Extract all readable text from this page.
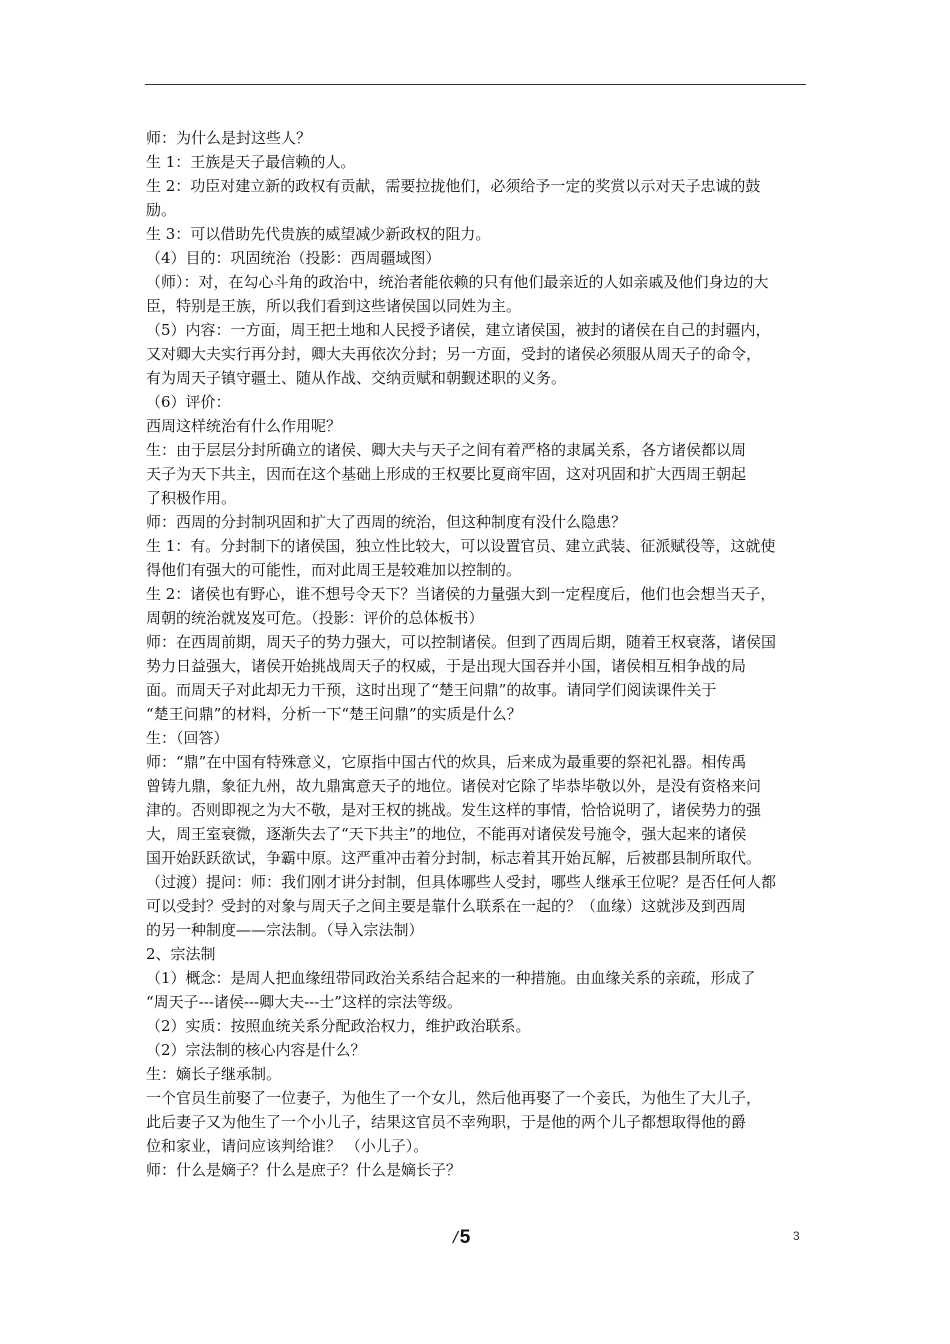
师：为什么是封这些人？
生 1：王族是天子最信赖的人。
生 2：功臣对建立新的政权有贡献，需要拉拢他们，必须给予一定的奖赏以示对天子忠诚的鼓
励。
生 3：可以借助先代贵族的威望减少新政权的阻力。
（4）目的：巩固统治（投影：西周疆域图）
（师）：对，在勾心斗角的政治中，统治者能依赖的只有他们最亲近的人如亲戚及他们身边的大
臣，特别是王族，所以我们看到这些诸侯国以同姓为主。
（5）内容：一方面，周王把土地和人民授予诸侯，建立诸侯国，被封的诸侯在自己的封疆内，
又对卿大夫实行再分封，卿大夫再依次分封；另一方面，受封的诸侯必须服从周天子的命令，
有为周天子镇守疆土、随从作战、交纳贡赋和朝觐述职的义务。
（6）评价：
西周这样统治有什么作用呢？
生：由于层层分封所确立的诸侯、卿大夫与天子之间有着严格的隶属关系，各方诸侯都以周
天子为天下共主，因而在这个基础上形成的王权要比夏商牢固，这对巩固和扩大西周王朝起
了积极作用。
师：西周的分封制巩固和扩大了西周的统治，但这种制度有没什么隐患？
生 1：有。分封制下的诸侯国，独立性比较大，可以设置官员、建立武装、征派赋役等，这就使
得他们有强大的可能性，而对此周王是较难加以控制的。
生 2：诸侯也有野心，谁不想号令天下？当诸侯的力量强大到一定程度后，他们也会想当天子，
周朝的统治就岌岌可危。（投影：评价的总体板书）
师：在西周前期，周天子的势力强大，可以控制诸侯。但到了西周后期，随着王权衰落，诸侯国
势力日益强大，诸侯开始挑战周天子的权威，于是出现大国吞并小国，诸侯相互相争战的局
面。而周天子对此却无力干预，这时出现了“楚王问鼎”的故事。请同学们阅读课件关于
“楚王问鼎”的材料，分析一下“楚王问鼎”的实质是什么？
生：（回答）
师：“鼎”在中国有特殊意义，它原指中国古代的炊具，后来成为最重要的祭祀礼器。相传禹
曾铸九鼎，象征九州，故九鼎寓意天子的地位。诸侯对它除了毕恭毕敬以外，是没有资格来问
津的。否则即视之为大不敬，是对王权的挑战。发生这样的事情，恰恰说明了，诸侯势力的强
大，周王室衰微，逐渐失去了“天下共主”的地位，不能再对诸侯发号施令，强大起来的诸侯
国开始跃跃欲试，争霸中原。这严重冲击着分封制，标志着其开始瓦解，后被郡县制所取代。
（过渡）提问：师：我们刚才讲分封制，但具体哪些人受封，哪些人继承王位呢？是否任何人都
可以受封？受封的对象与周天子之间主要是靠什么联系在一起的？（血缘）这就涉及到西周
的另一种制度——宗法制。（导入宗法制）
2、宗法制
（1）概念：是周人把血缘纽带同政治关系结合起来的一种措施。由血缘关系的亲疏，形成了
“周天子---诸侯---卿大夫---士”这样的宗法等级。
（2）实质：按照血统关系分配政治权力，维护政治联系。
（2）宗法制的核心内容是什么？
生：嫡长子继承制。
一个官员生前娶了一位妻子，为他生了一个女儿，然后他再娶了一个妾氏，为他生了大儿子，
此后妻子又为他生了一个小儿子，结果这官员不幸殉职，于是他的两个儿子都想取得他的爵
位和家业，请问应该判给谁？ （小儿子）。
师：什么是嫡子？什么是庶子？什么是嫡长子？
/ 5	3
